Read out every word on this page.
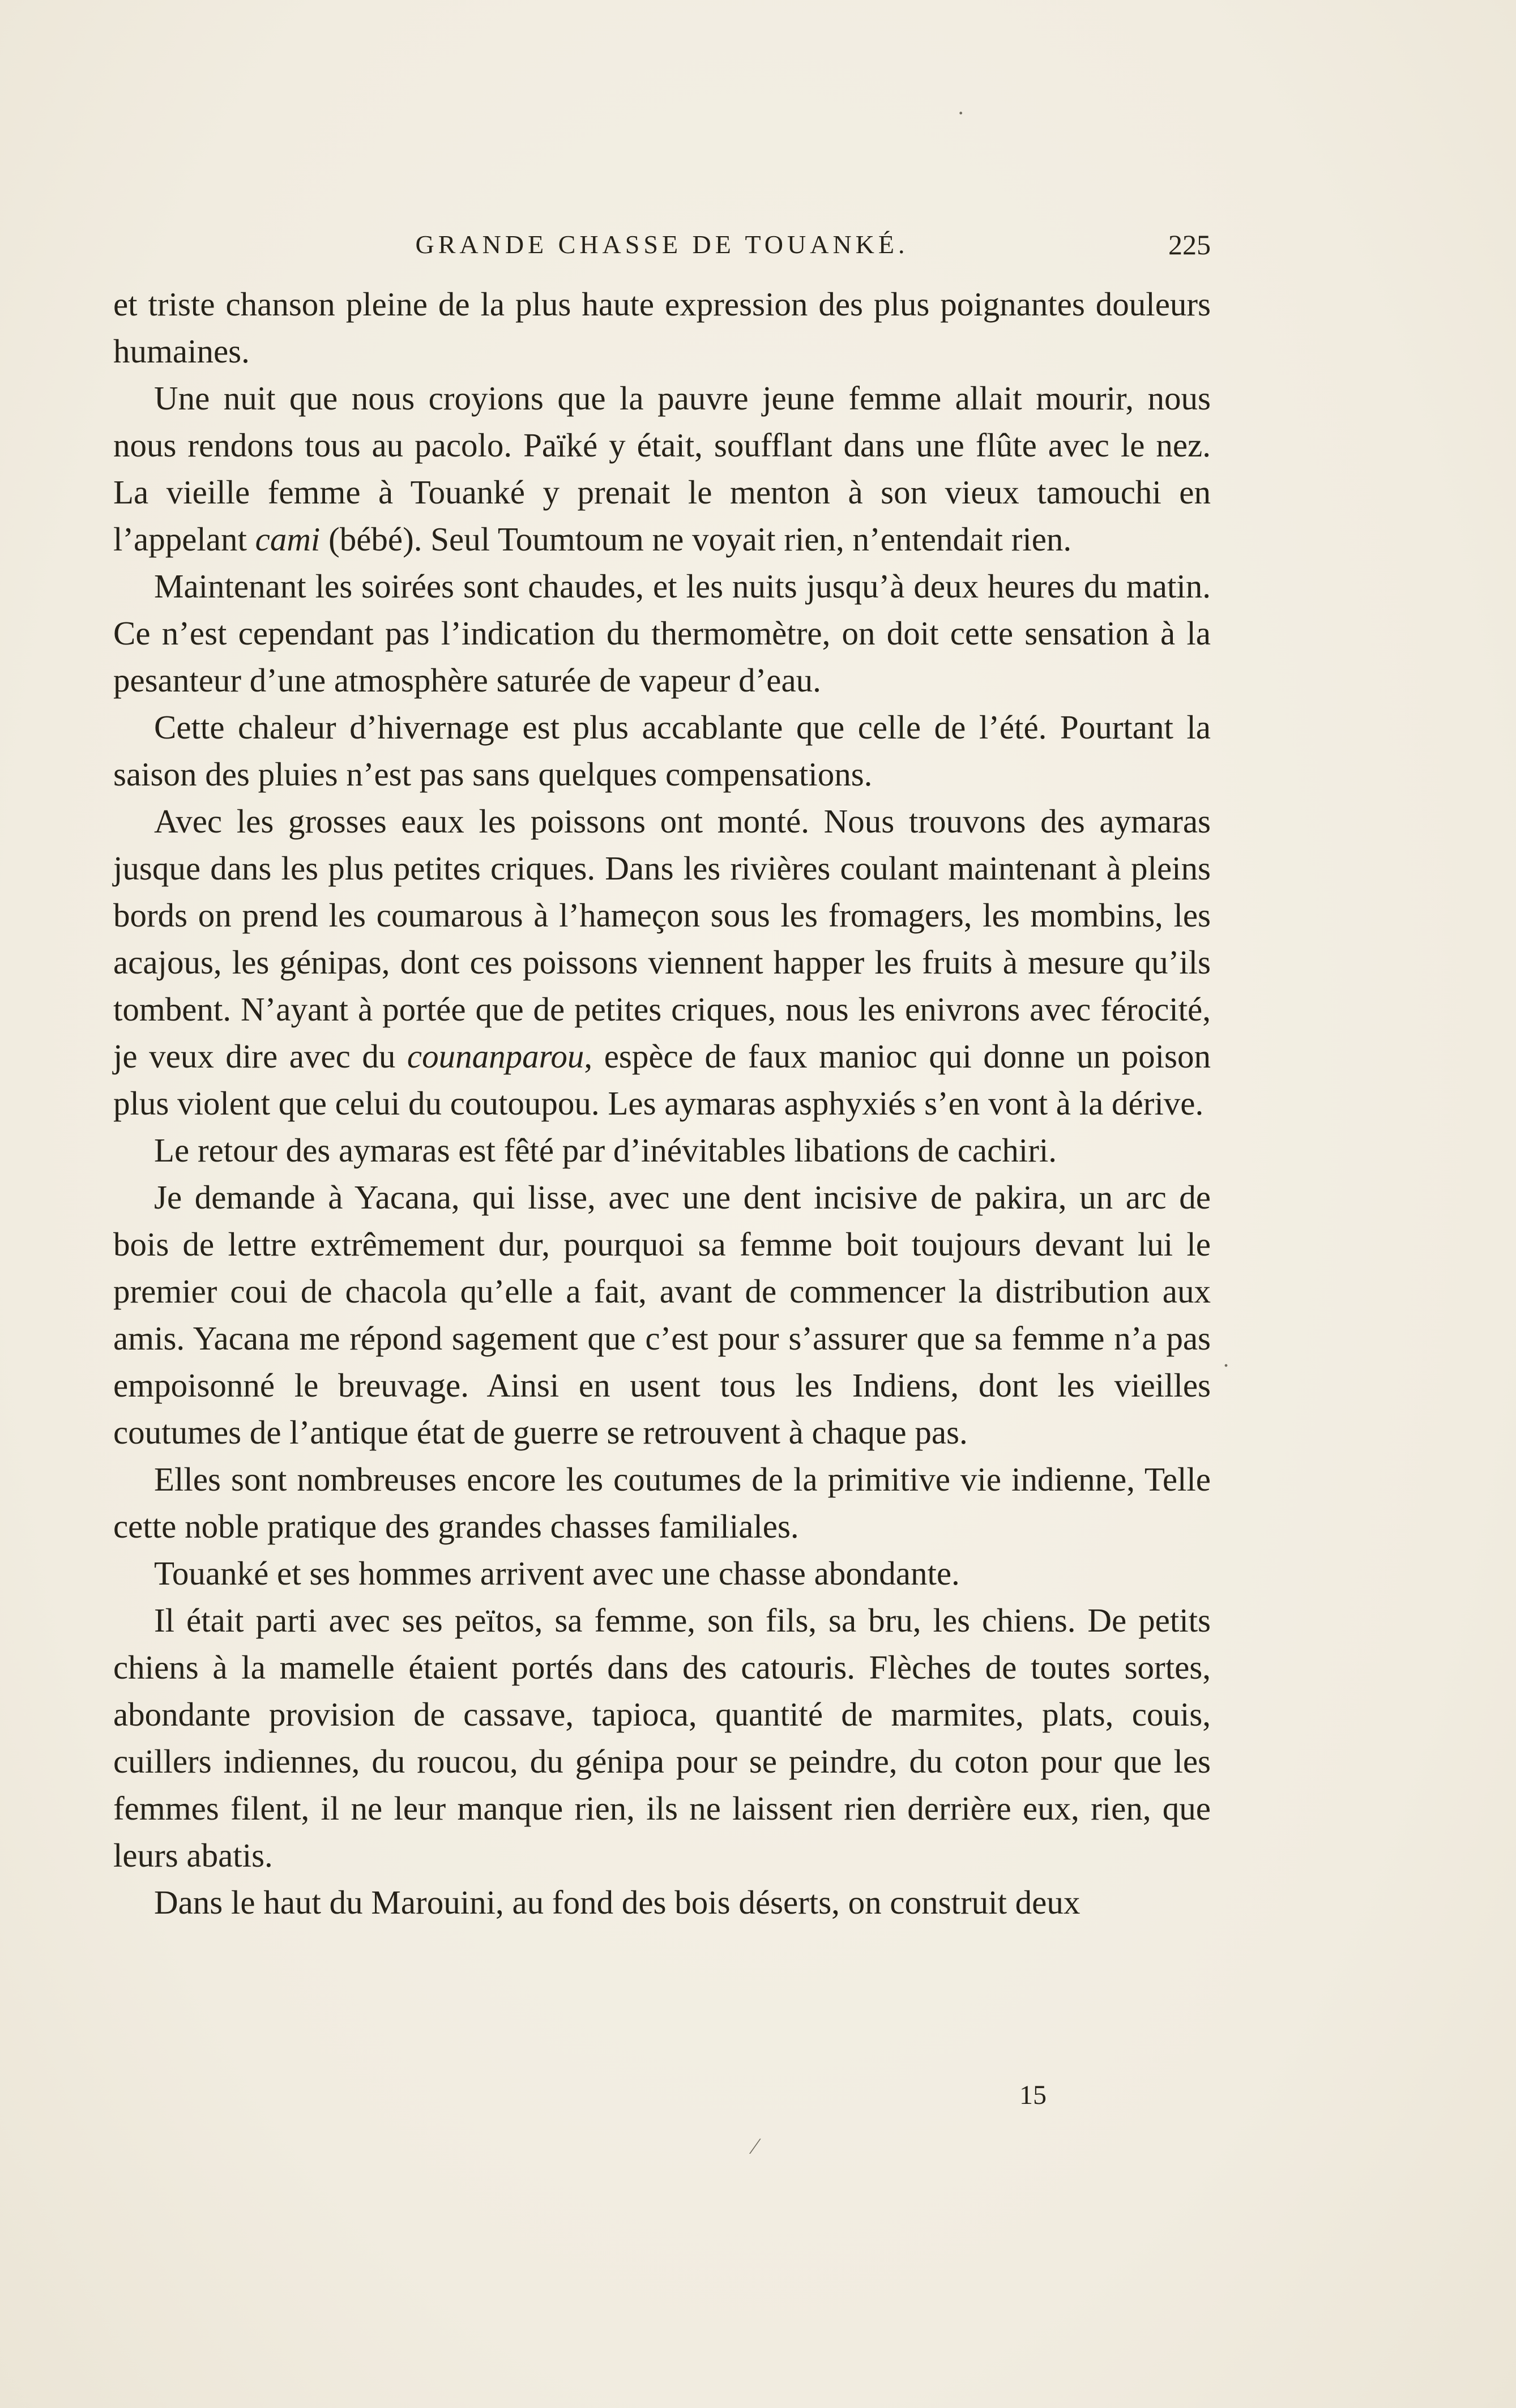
GRANDE CHASSE DE TOUANKÉ.	225

et triste chanson pleine de la plus haute expression des plus poignantes douleurs humaines.

Une nuit que nous croyions que la pauvre jeune femme allait mourir, nous nous rendons tous au pacolo. Païké y était, soufflant dans une flûte avec le nez. La vieille femme à Touanké y prenait le menton à son vieux tamouchi en l’appelant cami (bébé). Seul Toumtoum ne voyait rien, n’entendait rien.

Maintenant les soirées sont chaudes, et les nuits jusqu’à deux heures du matin. Ce n’est cependant pas l’indication du thermomètre, on doit cette sensation à la pesanteur d’une atmosphère saturée de vapeur d’eau.

Cette chaleur d’hivernage est plus accablante que celle de l’été. Pourtant la saison des pluies n’est pas sans quelques compensations.

Avec les grosses eaux les poissons ont monté. Nous trouvons des aymaras jusque dans les plus petites criques. Dans les rivières coulant maintenant à pleins bords on prend les coumarous à l’hameçon sous les fromagers, les mombins, les acajous, les génipas, dont ces poissons viennent happer les fruits à mesure qu’ils tombent. N’ayant à portée que de petites criques, nous les enivrons avec férocité, je veux dire avec du counanparou, espèce de faux manioc qui donne un poison plus violent que celui du coutoupou. Les aymaras asphyxiés s’en vont à la dérive.

Le retour des aymaras est fêté par d’inévitables libations de cachiri.

Je demande à Yacana, qui lisse, avec une dent incisive de pakira, un arc de bois de lettre extrêmement dur, pourquoi sa femme boit toujours devant lui le premier coui de chacola qu’elle a fait, avant de commencer la distribution aux amis. Yacana me répond sagement que c’est pour s’assurer que sa femme n’a pas empoisonné le breuvage. Ainsi en usent tous les Indiens, dont les vieilles coutumes de l’antique état de guerre se retrouvent à chaque pas.

Elles sont nombreuses encore les coutumes de la primitive vie indienne, Telle cette noble pratique des grandes chasses familiales.

Touanké et ses hommes arrivent avec une chasse abondante.

Il était parti avec ses peïtos, sa femme, son fils, sa bru, les chiens. De petits chiens à la mamelle étaient portés dans des catouris. Flèches de toutes sortes, abondante provision de cassave, tapioca, quantité de marmites, plats, couis, cuillers indiennes, du roucou, du génipa pour se peindre, du coton pour que les femmes filent, il ne leur manque rien, ils ne laissent rien derrière eux, rien, que leurs abatis.

Dans le haut du Marouini, au fond des bois déserts, on construit deux

15
·
⁄
.
